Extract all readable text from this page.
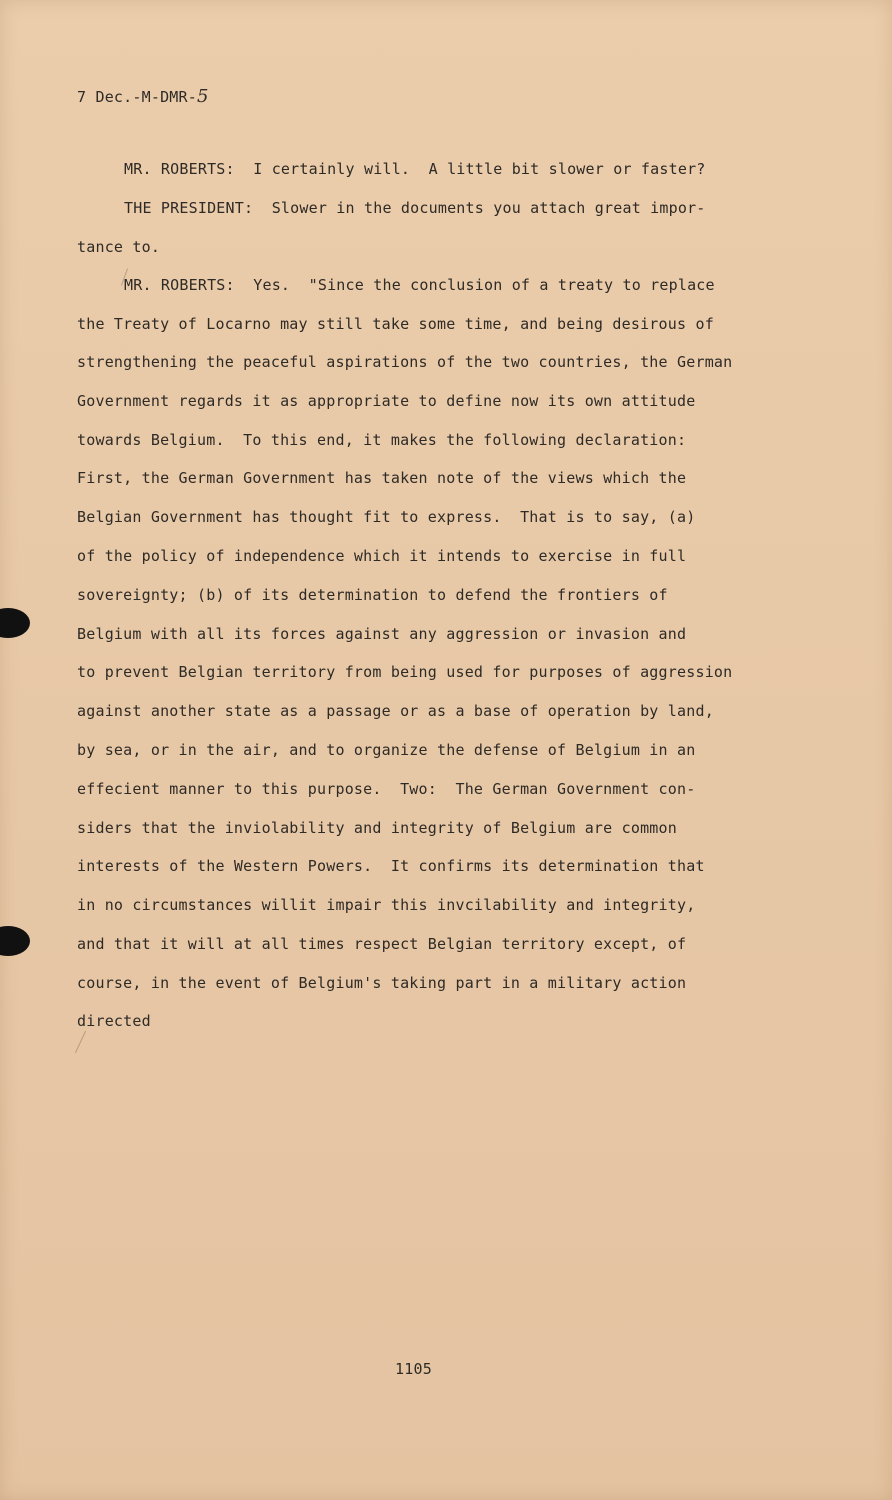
7 Dec.-M-DMR-5
MR. ROBERTS:  I certainly will.  A little bit slower or faster?
THE PRESIDENT:  Slower in the documents you attach great impor-
tance to.
MR. ROBERTS:  Yes.  "Since the conclusion of a treaty to replace
the Treaty of Locarno may still take some time, and being desirous of
strengthening the peaceful aspirations of the two countries, the German
Government regards it as appropriate to define now its own attitude
towards Belgium.  To this end, it makes the following declaration:
First, the German Government has taken note of the views which the
Belgian Government has thought fit to express.  That is to say, (a)
of the policy of independence which it intends to exercise in full
sovereignty; (b) of its determination to defend the frontiers of
Belgium with all its forces against any aggression or invasion and
to prevent Belgian territory from being used for purposes of aggression
against another state as a passage or as a base of operation by land,
by sea, or in the air, and to organize the defense of Belgium in an
effecient manner to this purpose.  Two:  The German Government con-
siders that the inviolability and integrity of Belgium are common
interests of the Western Powers.  It confirms its determination that
in no circumstances willit impair this invcilability and integrity,
and that it will at all times respect Belgian territory except, of
course, in the event of Belgium's taking part in a military action
directed
1105
